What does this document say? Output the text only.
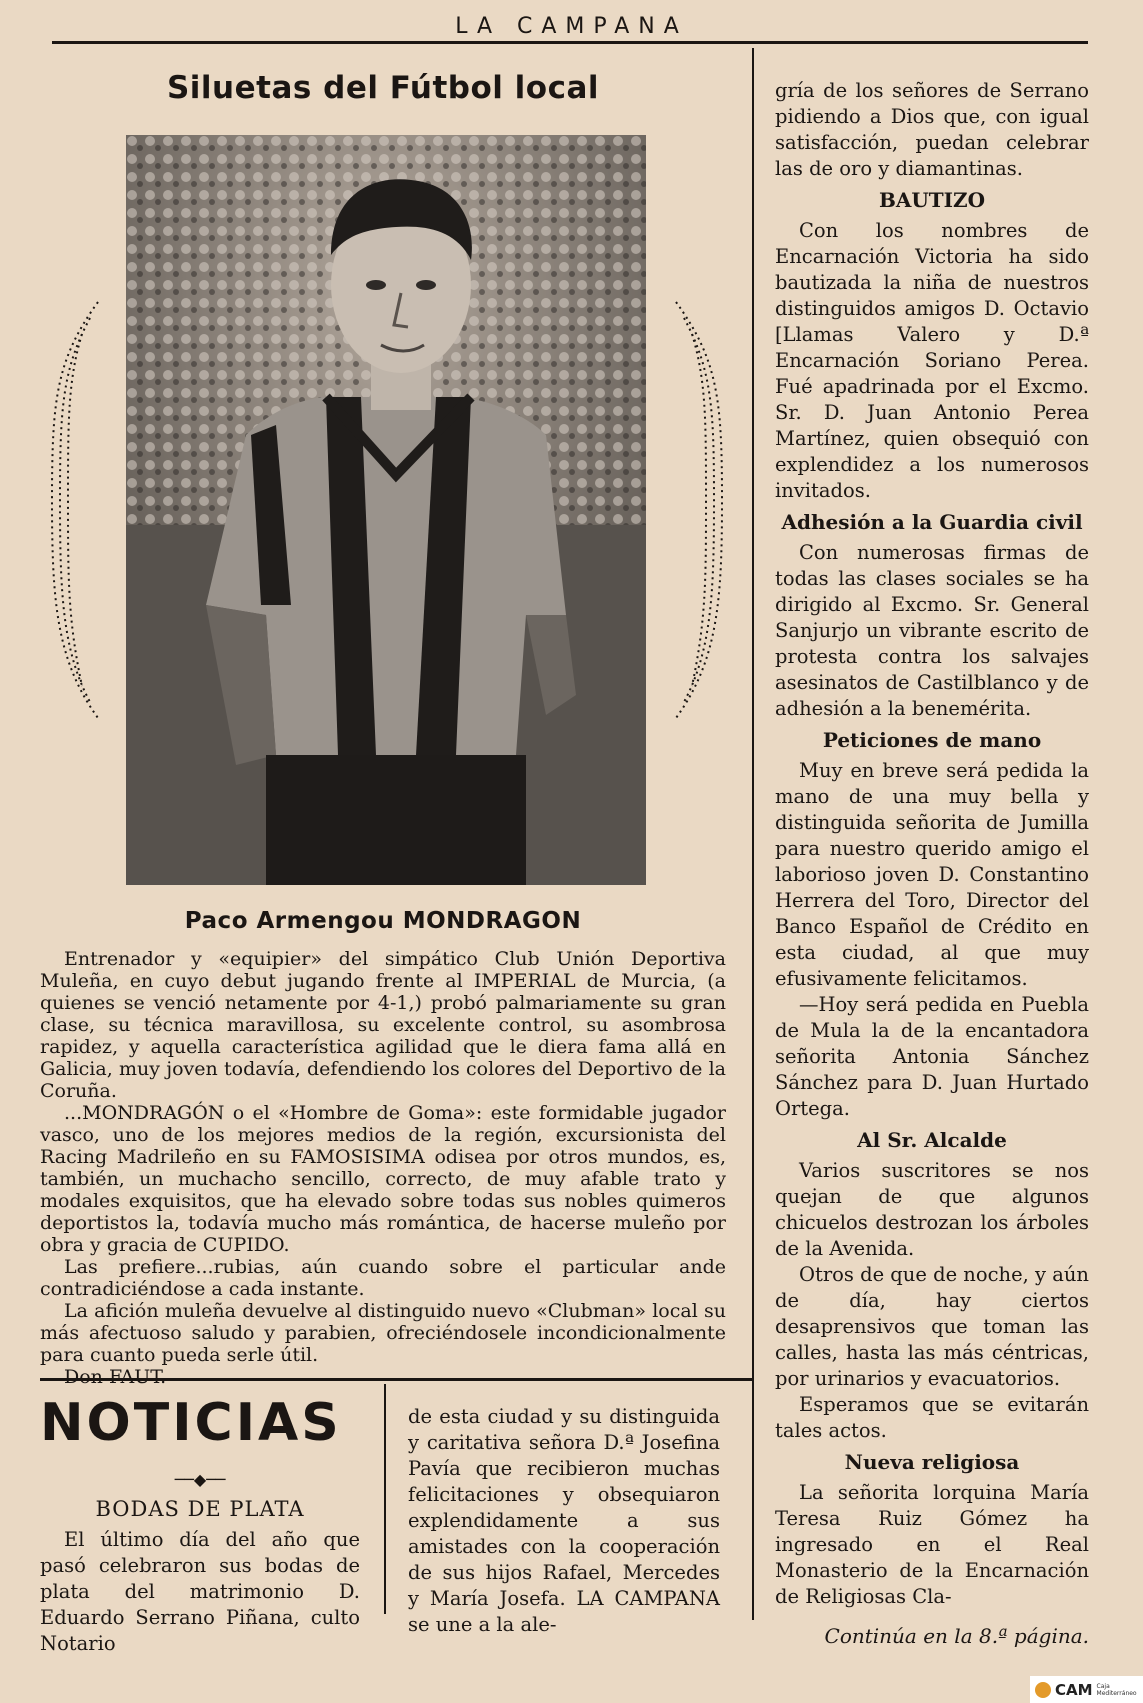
LA CAMPANA
Siluetas del Fútbol local
Paco Armengou MONDRAGON

Entrenador y «equipier» del simpático Club Unión Deportiva Muleña, en cuyo debut jugando frente al IMPERIAL de Murcia, (a quienes se venció netamente por 4-1,) probó palmariamente su gran clase, su técnica maravillosa, su excelente control, su asombrosa rapidez, y aquella característica agilidad que le diera fama allá en Galicia, muy joven todavía, defendiendo los colores del Deportivo de la Coruña.

...MONDRAGÓN o el «Hombre de Goma»: este formidable jugador vasco, uno de los mejores medios de la región, excursionista del Racing Madrileño en su FAMOSISIMA odisea por otros mundos, es, también, un muchacho sencillo, correcto, de muy afable trato y modales exquisitos, que ha elevado sobre todas sus nobles quimeros deportistos la, todavía mucho más romántica, de hacerse muleño por obra y gracia de CUPIDO.

Las prefiere...rubias, aún cuando sobre el particular ande contradiciéndose a cada instante.

La afición muleña devuelve al distinguido nuevo «Clubman» local su más afectuoso saludo y parabien, ofreciéndosele incondicionalmente para cuanto pueda serle útil.

Don FAUT.

NOTICIAS
──◆──
BODAS DE PLATA

El último día del año que pasó celebraron sus bodas de plata del matrimonio D. Eduardo Serrano Piñana, culto Notario

de esta ciudad y su distinguida y caritativa señora D.ª Josefina Pavía que recibieron muchas felicitaciones y obsequiaron explendidamente a sus amistades con la cooperación de sus hijos Rafael, Mercedes y María Josefa. LA CAMPANA se une a la ale-

gría de los señores de Serrano pidiendo a Dios que, con igual satisfacción, puedan celebrar las de oro y diamantinas.

BAUTIZO

Con los nombres de Encarnación Victoria ha sido bautizada la niña de nuestros distinguidos amigos D. Octavio [Llamas Valero y D.ª Encarnación Soriano Perea. Fué apadrinada por el Excmo. Sr. D. Juan Antonio Perea Martínez, quien obsequió con explendidez a los numerosos invitados.

Adhesión a la Guardia civil

Con numerosas firmas de todas las clases sociales se ha dirigido al Excmo. Sr. General Sanjurjo un vibrante escrito de protesta contra los salvajes asesinatos de Castilblanco y de adhesión a la benemérita.

Peticiones de mano

Muy en breve será pedida la mano de una muy bella y distinguida señorita de Jumilla para nuestro querido amigo el laborioso joven D. Constantino Herrera del Toro, Director del Banco Español de Crédito en esta ciudad, al que muy efusivamente felicitamos.

—Hoy será pedida en Puebla de Mula la de la encantadora señorita Antonia Sánchez Sánchez para D. Juan Hurtado Ortega.

Al Sr. Alcalde

Varios suscritores se nos quejan de que algunos chicuelos destrozan los árboles de la Avenida.

Otros de que de noche, y aún de día, hay ciertos desaprensivos que toman las calles, hasta las más céntricas, por urinarios y evacuatorios.

Esperamos que se evitarán tales actos.

Nueva religiosa

La señorita lorquina María Teresa Ruiz Gómez ha ingresado en el Real Monasterio de la Encarnación de Religiosas Cla-

Continúa en la 8.ª página.
CAM Caja
Mediterráneo
